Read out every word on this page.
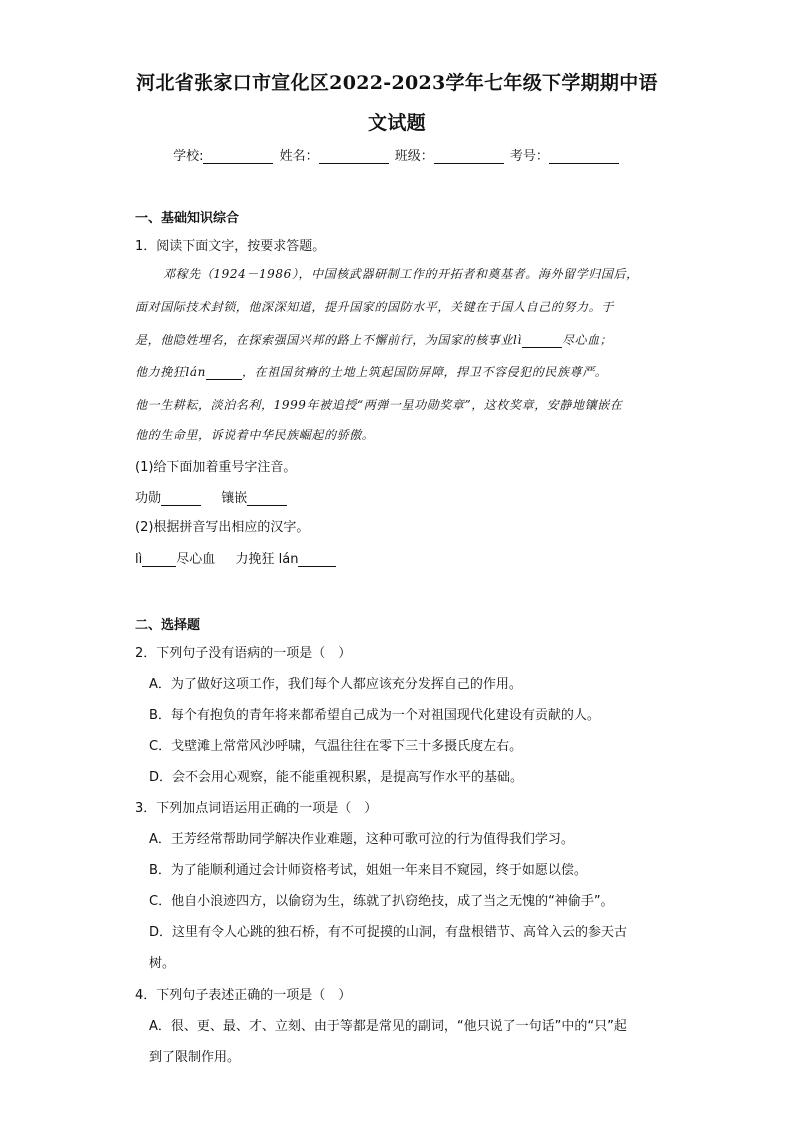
河北省张家口市宣化区2022-2023学年七年级下学期期中语
文试题
学校:	姓名：	班级：	考号：
一、基础知识综合
1．阅读下面文字，按要求答题。
邓稼先（1924－1986），中国核武器研制工作的开拓者和奠基者。海外留学归国后，
面对国际技术封锁，他深深知道，提升国家的国防水平，关键在于国人自己的努力。于
是，他隐姓埋名，在探索强国兴邦的路上不懈前行，为国家的核事业lì	尽心血；
他力挽狂lán	，在祖国贫瘠的土地上筑起国防屏障，捍卫不容侵犯的民族尊严。
他一生耕耘，淡泊名利，1999年被追授“两弹一星功勋奖章”，这枚奖章，安静地镶嵌在
他的生命里，诉说着中华民族崛起的骄傲。
(1)给下面加着重号字注音。
功勋	镶嵌
(2)根据拼音写出相应的汉字。
lì	尽心血 力挽狂 lán
二、选择题
2．下列句子没有语病的一项是（　）
A．为了做好这项工作，我们每个人都应该充分发挥自己的作用。
B．每个有抱负的青年将来都希望自己成为一个对祖国现代化建设有贡献的人。
C．戈壁滩上常常风沙呼啸，气温往往在零下三十多摄氏度左右。
D．会不会用心观察，能不能重视积累，是提高写作水平的基础。
3．下列加点词语运用正确的一项是（　）
A．王芳经常帮助同学解决作业难题，这种可歌可泣的行为值得我们学习。
B．为了能顺利通过会计师资格考试，姐姐一年来目不窥园，终于如愿以偿。
C．他自小浪迹四方，以偷窃为生，练就了扒窃绝技，成了当之无愧的“神偷手”。
D．这里有令人心跳的独石桥，有不可捉摸的山洞，有盘根错节、高耸入云的参天古
树。
4．下列句子表述正确的一项是（　）
A．很、更、最、才、立刻、由于等都是常见的副词，“他只说了一句话”中的“只”起
到了限制作用。
